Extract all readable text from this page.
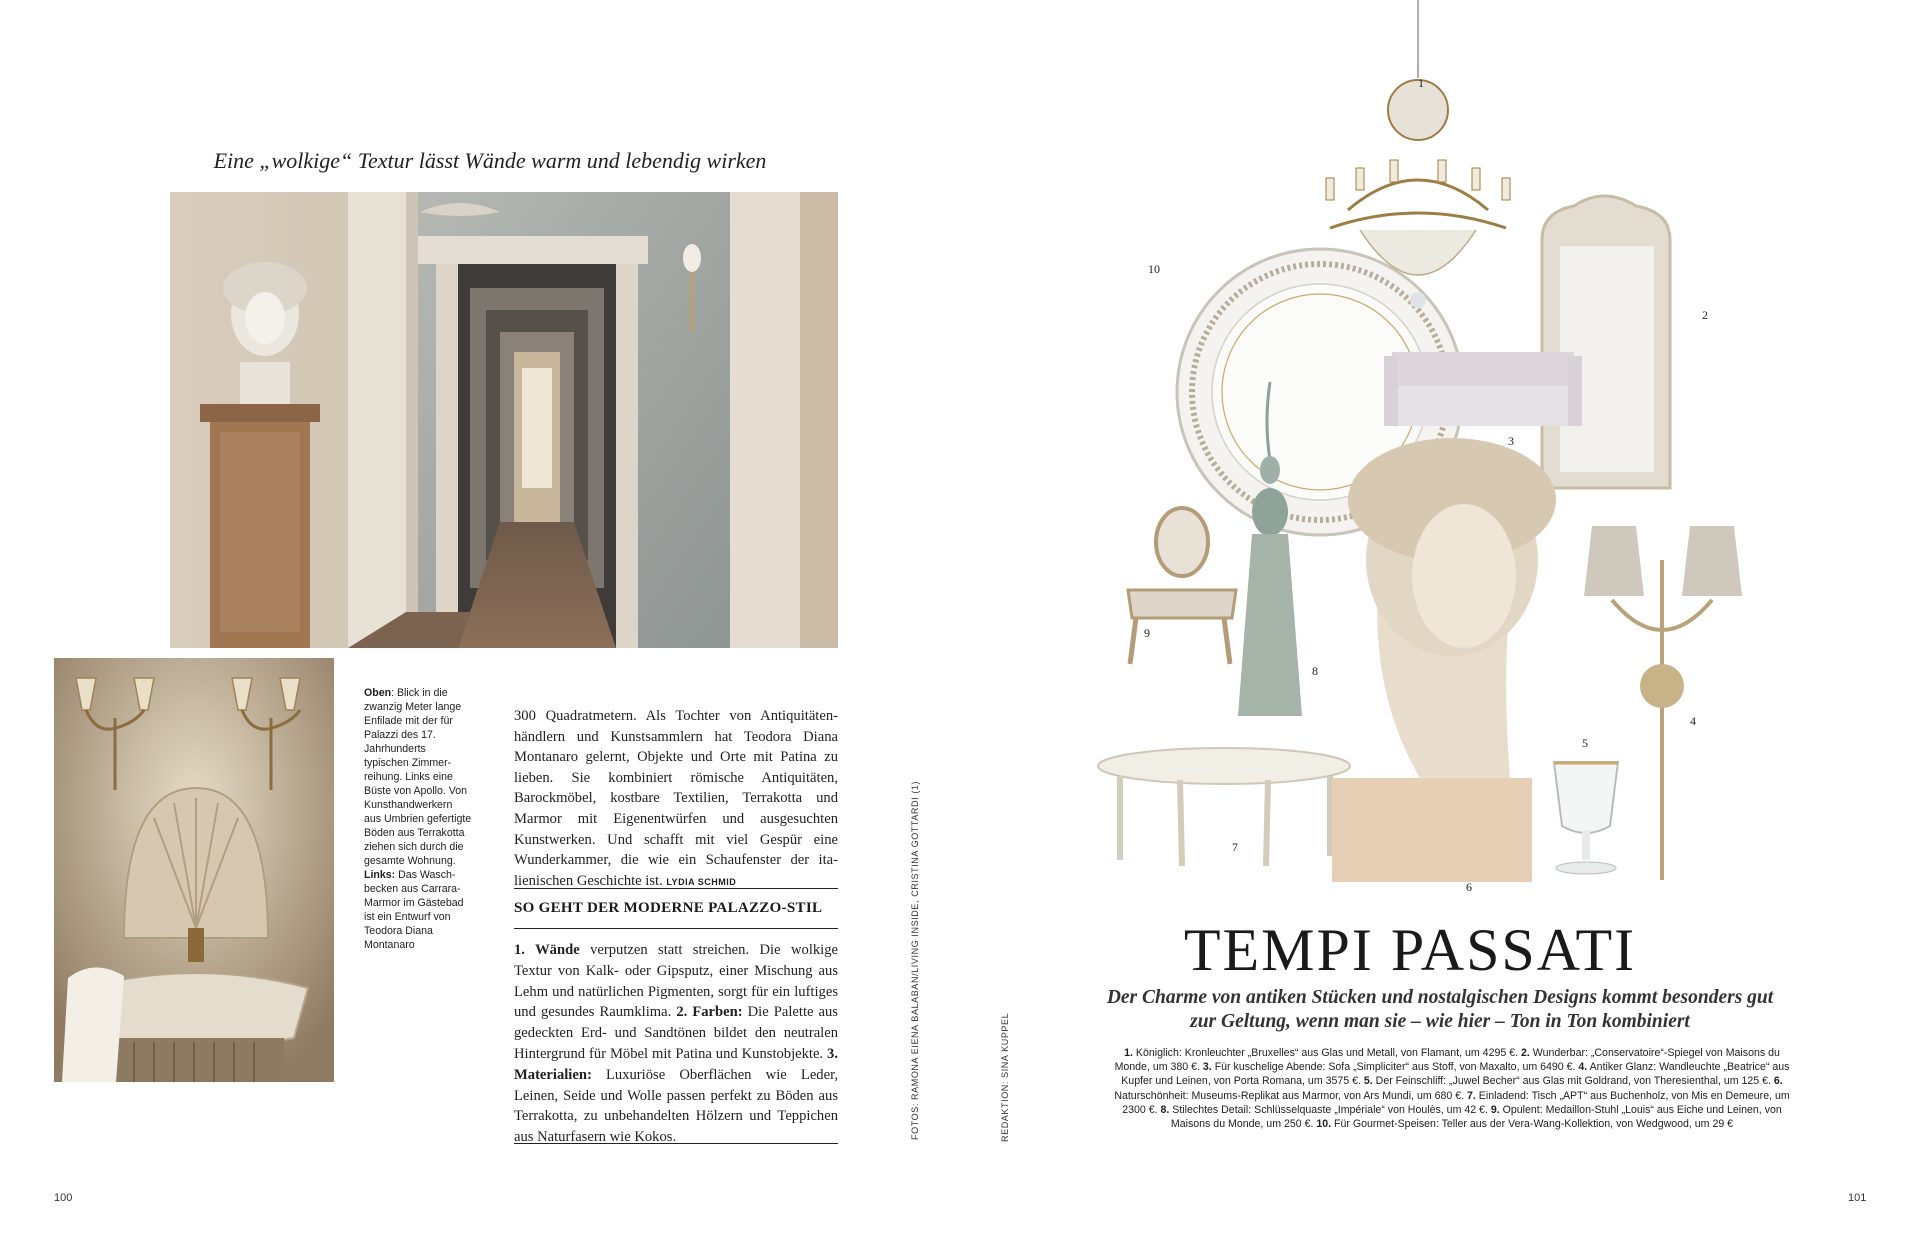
Eine „wolkige“ Textur lässt Wände warm und lebendig wirken
Oben: Blick in die zwanzig Meter lange Enfilade mit der für Palazzi des 17. Jahrhunderts typischen Zimmerreihung. Links eine Büste von Apollo. Von Kunsthandwerkern aus Umbrien gefertigte Böden aus Terrakotta ziehen sich durch die gesamte Wohnung.
Links: Das Waschbecken aus Carrara-Marmor im Gästebad ist ein Entwurf von Teodora Diana Montanaro
300 Quadratmetern. Als Tochter von Antiquitätenhändlern und Kunstsammlern hat Teodora Diana Montanaro gelernt, Objekte und Orte mit Patina zu lieben. Sie kombiniert römische Antiquitäten, Barockmöbel, kostbare Textilien, Terrakotta und Marmor mit Eigenentwürfen und ausgesuchten Kunstwerken. Und schafft mit viel Gespür eine Wunderkammer, die wie ein Schaufenster der italienischen Geschichte ist. LYDIA SCHMID
SO GEHT DER MODERNE PALAZZO-STIL
1. Wände verputzen statt streichen. Die wolkige Textur von Kalk- oder Gipsputz, einer Mischung aus Lehm und natürlichen Pigmenten, sorgt für ein luftiges und gesundes Raumklima. 2. Farben: Die Palette aus gedeckten Erd- und Sandtönen bildet den neutralen Hintergrund für Möbel mit Patina und Kunstobjekte. 3. Materialien: Luxuriöse Oberflächen wie Leder, Leinen, Seide und Wolle passen perfekt zu Böden aus Terrakotta, zu unbehandelten Hölzern und Teppichen aus Naturfasern wie Kokos.	FOTOS: RAMONA EIENA BALABAN/LIVING INSIDE, CRISTINA GOTTARDI (1)
100
REDAKTION: SINA KUPPEL
1
2
3
4
5
6
7
8
9
10
TEMPI PASSATI
Der Charme von antiken Stücken und nostalgischen Designs kommt besonders gut zur Geltung, wenn man sie – wie hier – Ton in Ton kombiniert
1. Königlich: Kronleuchter „Bruxelles“ aus Glas und Metall, von Flamant, um 4295 €. 2. Wunderbar: „Conservatoire“-Spiegel von Maisons du Monde, um 380 €. 3. Für kuschelige Abende: Sofa „Simpliciter“ aus Stoff, von Maxalto, um 6490 €. 4. Antiker Glanz: Wandleuchte „Beatrice“ aus Kupfer und Leinen, von Porta Romana, um 3575 €. 5. Der Feinschliff: „Juwel Becher“ aus Glas mit Goldrand, von Theresienthal, um 125 €. 6. Naturschönheit: Museums-Replikat aus Marmor, von Ars Mundi, um 680 €. 7. Einladend: Tisch „APT“ aus Buchenholz, von Mis en Demeure, um 2300 €. 8. Stilechtes Detail: Schlüsselquaste „Impériale“ von Houlès, um 42 €. 9. Opulent: Medaillon-Stuhl „Louis“ aus Eiche und Leinen, von Maisons du Monde, um 250 €. 10. Für Gourmet-Speisen: Teller aus der Vera-Wang-Kollektion, von Wedgwood, um 29 €
101
